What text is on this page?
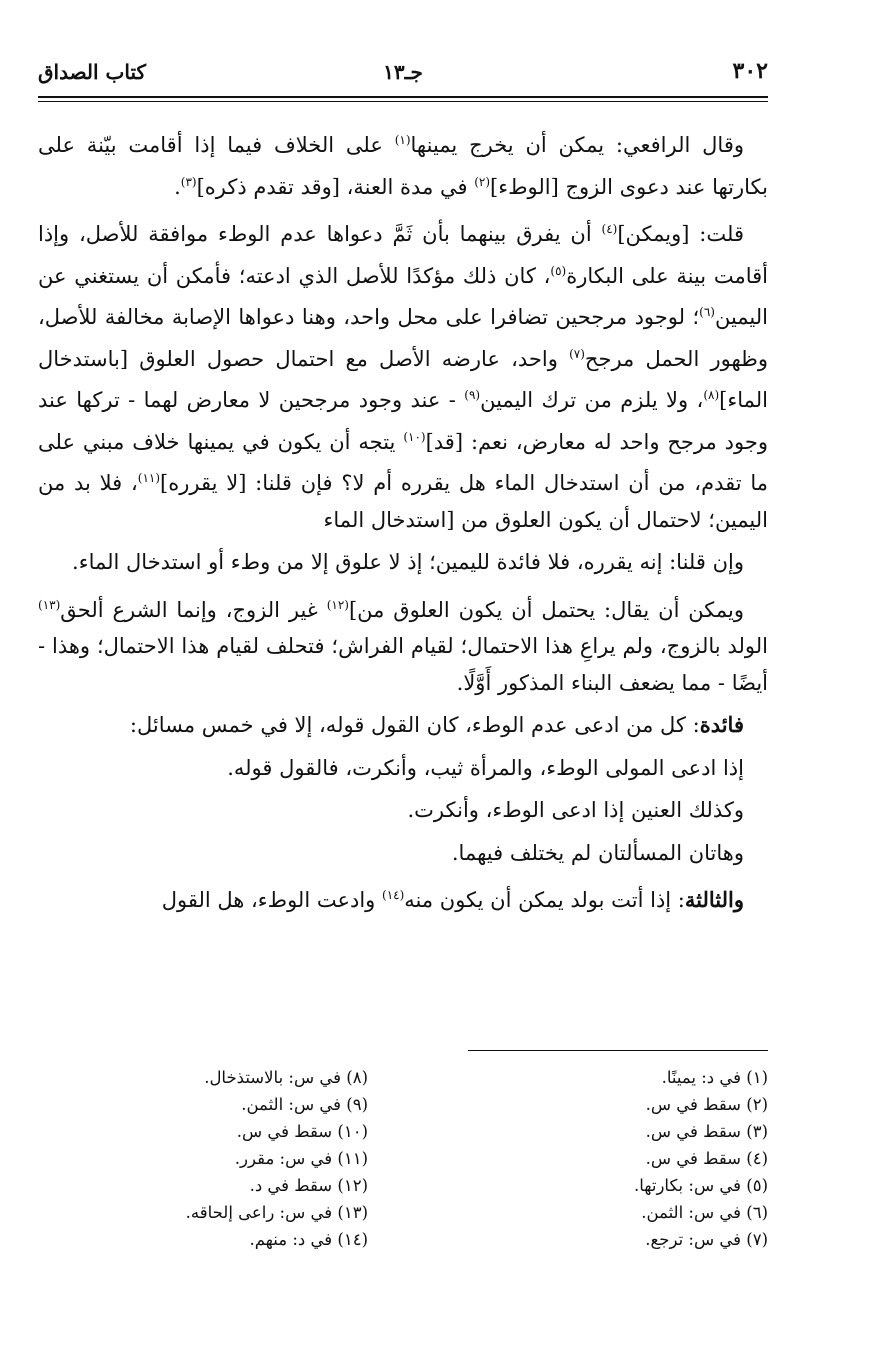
٣٠٢
جـ١٣
كتاب الصداق

وقال الرافعي: يمكن أن يخرج يمينها$^{(١)}$ على الخلاف فيما إذا أقامت بيّنة على بكارتها عند دعوى الزوج [الوطء]$^{(٢)}$ في مدة العنة، [وقد تقدم ذكره]$^{(٣)}$.

قلت: [ويمكن]$^{(٤)}$ أن يفرق بينهما بأن ثَمَّ دعواها عدم الوطء موافقة للأصل، وإذا أقامت بينة على البكارة$^{(٥)}$، كان ذلك مؤكدًا للأصل الذي ادعته؛ فأمكن أن يستغني عن اليمين$^{(٦)}$؛ لوجود مرجحين تضافرا على محل واحد، وهنا دعواها الإصابة مخالفة للأصل، وظهور الحمل مرجح$^{(٧)}$ واحد، عارضه الأصل مع احتمال حصول العلوق [باستدخال الماء]$^{(٨)}$، ولا يلزم من ترك اليمين$^{(٩)}$ - عند وجود مرجحين لا معارض لهما - تركها عند وجود مرجح واحد له معارض، نعم: [قد]$^{(١٠)}$ يتجه أن يكون في يمينها خلاف مبني على ما تقدم، من أن استدخال الماء هل يقرره أم لا؟ فإن قلنا: [لا يقرره]$^{(١١)}$، فلا بد من اليمين؛ لاحتمال أن يكون العلوق من [استدخال الماء

وإن قلنا: إنه يقرره، فلا فائدة لليمين؛ إذ لا علوق إلا من وطء أو استدخال الماء.

ويمكن أن يقال: يحتمل أن يكون العلوق من]$^{(١٢)}$ غير الزوج، وإنما الشرع ألحق$^{(١٣)}$ الولد بالزوج، ولم يراعِ هذا الاحتمال؛ لقيام الفراش؛ فتحلف لقيام هذا الاحتمال؛ وهذا - أيضًا - مما يضعف البناء المذكور أَوَّلًا.

فائدة: كل من ادعى عدم الوطء، كان القول قوله، إلا في خمس مسائل:

إذا ادعى المولى الوطء، والمرأة ثيب، وأنكرت، فالقول قوله.

وكذلك العنين إذا ادعى الوطء، وأنكرت.

وهاتان المسألتان لم يختلف فيهما.

والثالثة: إذا أتت بولد يمكن أن يكون منه$^{(١٤)}$ وادعت الوطء، هل القول

(١) في د: يمينًا.
(٢) سقط في س.
(٣) سقط في س.
(٤) سقط في س.
(٥) في س: بكارتها.
(٦) في س: الثمن.
(٧) في س: ترجع.
(٨) في س: بالاستذخال.
(٩) في س: الثمن.
(١٠) سقط في س.
(١١) في س: مقرر.
(١٢) سقط في د.
(١٣) في س: راعى إلحاقه.
(١٤) في د: منهم.
